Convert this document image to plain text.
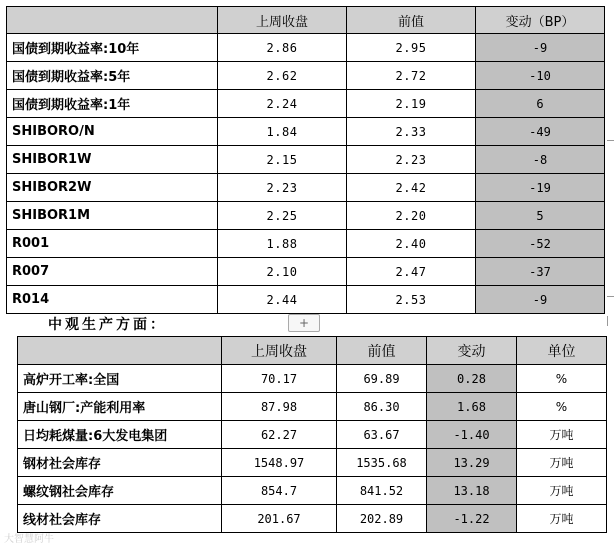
	上周收盘	前值	变动（BP）
国债到期收益率:10年	2.86	2.95	-9
国债到期收益率:5年	2.62	2.72	-10
国债到期收益率:1年	2.24	2.19	6
SHIBORO/N	1.84	2.33	-49
SHIBOR1W	2.15	2.23	-8
SHIBOR2W	2.23	2.42	-19
SHIBOR1M	2.25	2.20	5
R001	1.88	2.40	-52
R007	2.10	2.47	-37
R014	2.44	2.53	-9
中观生产方面：	+
	上周收盘	前值	变动	单位
高炉开工率:全国	70.17	69.89	0.28	%
唐山钢厂:产能利用率	87.98	86.30	1.68	%
日均耗煤量:6大发电集团	62.27	63.67	-1.40	万吨
钢材社会库存	1548.97	1535.68	13.29	万吨
螺纹钢社会库存	854.7	841.52	13.18	万吨
线材社会库存	201.67	202.89	-1.22	万吨
大智慧阿牛
